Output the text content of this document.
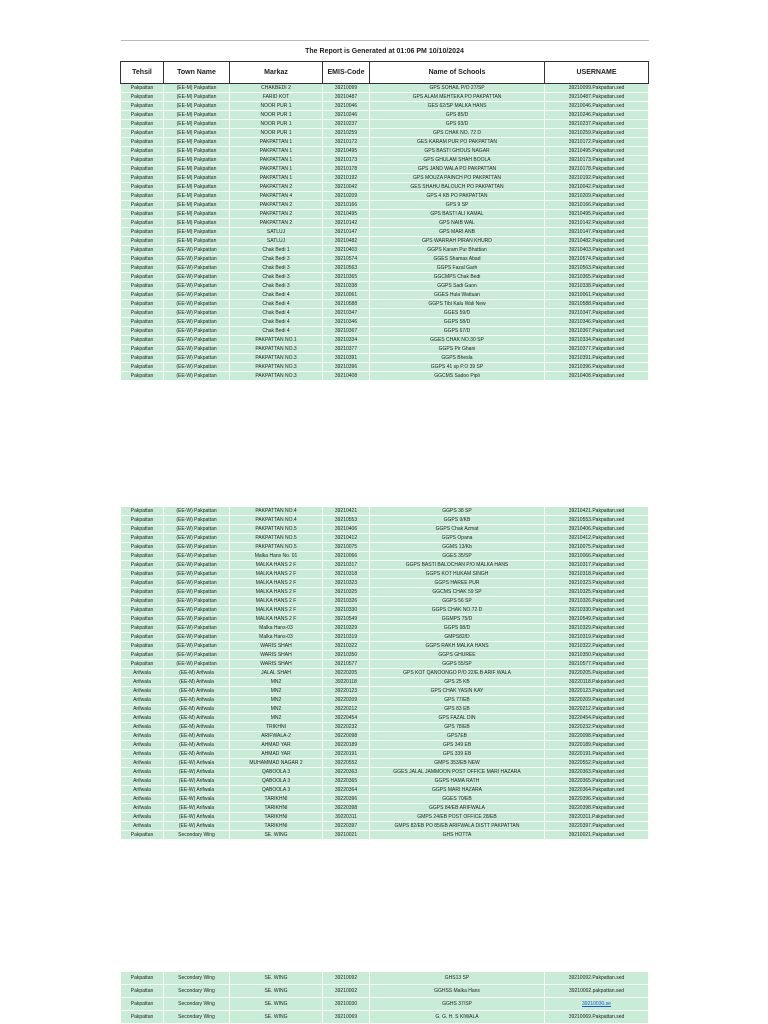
The Report is Generated at 01:06 PM 10/10/2024					
Tehsil	Town Name	Markaz	EMIS-Code	Name of Schools	USERNAME
Pakpattan	(EE-M) Pakpattan	CHAKBEDI 2	39210099	GPS SOHAIL P/O 27/SP	39210099.Pakpattan.sed
Pakpattan	(EE-M) Pakpattan	FARID KOT	39210487	GPS ALAM MEHTEKA PO PAKPATTAN	39210487.Pakpattan.sed
Pakpattan	(EE-M) Pakpattan	NOOR PUR 1	39210046	GES 62/SP MALKA HANS	39210046.Pakpattan.sed
Pakpattan	(EE-M) Pakpattan	NOOR PUR 1	39210246	GPS 85/D	39210246.Pakpattan.sed
Pakpattan	(EE-M) Pakpattan	NOOR PUR 1	39210237	GPS 93/D	39210237.Pakpattan.sed
Pakpattan	(EE-M) Pakpattan	NOOR PUR 1	39210259	GPS CHAK NO. 72 D	39210259.Pakpattan.sed
Pakpattan	(EE-M) Pakpattan	PAKPATTAN 1	39210172	GES KARAM PUR PO PAKPATTAN	39210172.Pakpattan.sed
Pakpattan	(EE-M) Pakpattan	PAKPATTAN 1	39210495	GPS BASTI GHOUS NAGAR	39210495.Pakpattan.sed
Pakpattan	(EE-M) Pakpattan	PAKPATTAN 1	39210173	GPS GHULAM SHAH BOOLA	39210173.Pakpattan.sed
Pakpattan	(EE-M) Pakpattan	PAKPATTAN 1	39210178	GPS JAND WALA PO PAKPATTAN	39210178.Pakpattan.sed
Pakpattan	(EE-M) Pakpattan	PAKPATTAN 1	39210192	GPS MOUZA PAINCH PO PAKPATTAN	39210192.Pakpattan.sed
Pakpattan	(EE-M) Pakpattan	PAKPATTAN 2	39210042	GES SHAHU BALOUCH PO PAKPATTAN	39210042.Pakpattan.sed
Pakpattan	(EE-M) Pakpattan	PAKPATTAN 4	39210209	GPS 4 KB PO PAKPATTAN	39210209.Pakpattan.sed
Pakpattan	(EE-M) Pakpattan	PAKPATTAN 2	39210166	GPS 9 SP	39210166.Pakpattan.sed
Pakpattan	(EE-M) Pakpattan	PAKPATTAN 2	39210495	GPS BASTI ALI KAMAL	39210495.Pakpattan.sed
Pakpattan	(EE-M) Pakpattan	PAKPATTAN 2	39210142	GPS NAIB WAL	39210142.Pakpattan.sed
Pakpattan	(EE-M) Pakpattan	SATLUJ	39210147	GPS MARI ANB	39210147.Pakpattan.sed
Pakpattan	(EE-M) Pakpattan	SATLUJ	39210482	GPS WARRAH PIRAN KHURD	39210482.Pakpattan.sed
Pakpattan	(EE-W) Pakpattan	Chak Bedi 1	39210403	GGPS Karam Pur Bhattian	39210403.Pakpattan.sed
Pakpattan	(EE-W) Pakpattan	Chak Bedi 3	39210574	GGES Shamas Abad	39210574.Pakpattan.sed
Pakpattan	(EE-W) Pakpattan	Chak Bedi 3	39210563	GGPS Fazal Garh	39210563.Pakpattan.sed
Pakpattan	(EE-W) Pakpattan	Chak Bedi 3	39210365	GGCMPS Chak Bedi	39210365.Pakpattan.sed
Pakpattan	(EE-W) Pakpattan	Chak Bedi 3	39210338	GGPS Sadi Gaon	39210338.Pakpattan.sed
Pakpattan	(EE-W) Pakpattan	Chak Bedi 4	39210061	GGES Hula Wattuan	39210061.Pakpattan.sed
Pakpattan	(EE-W) Pakpattan	Chak Bedi 4	39210588	GGPS Tibi Kalu Wali New	39210588.Pakpattan.sed
Pakpattan	(EE-W) Pakpattan	Chak Bedi 4	39210347	GGES 59/D	39210347.Pakpattan.sed
Pakpattan	(EE-W) Pakpattan	Chak Bedi 4	39210346	GGPS 58/D	39210346.Pakpattan.sed
Pakpattan	(EE-W) Pakpattan	Chak Bedi 4	39210367	GGPS 67/D	39210367.Pakpattan.sed
Pakpattan	(EE-W) Pakpattan	PAKPATTAN NO.1	39210334	GGES CHAK NO.30 SP	39210334.Pakpattan.sed
Pakpattan	(EE-W) Pakpattan	PAKPATTAN NO.3	39210377	GGPS Pir Ghani	39210377.Pakpattan.sed
Pakpattan	(EE-W) Pakpattan	PAKPATTAN NO.3	39210391	GGPS Bhesla	39210391.Pakpattan.sed
Pakpattan	(EE-W) Pakpattan	PAKPATTAN NO.3	39210396	GGPS 41 sp P.O 39 SP	39210396.Pakpattan.sed
Pakpattan	(EE-W) Pakpattan	PAKPATTAN NO.3	39210408	GGCMS Sadoo Pipli	39210408.Pakpattan.sed
Pakpattan	(EE-W) Pakpattan	PAKPATTAN NO.4	39210421	GGPS 38 SP	39210421.Pakpattan.sed
Pakpattan	(EE-W) Pakpattan	PAKPATTAN NO.4	39210553	GGPS 9/KB	39210553.Pakpattan.sed
Pakpattan	(EE-W) Pakpattan	PAKPATTAN NO.5	39210406	GGPS Chak Azmat	39210406.Pakpattan.sed
Pakpattan	(EE-W) Pakpattan	PAKPATTAN NO.5	39210412	GGPS Opana	39210412.Pakpattan.sed
Pakpattan	(EE-W) Pakpattan	PAKPATTAN NO.5	39210075	GGMS 13/Kb	39210075.Pakpattan.sed
Pakpattan	(EE-W) Pakpattan	Malka Hans No. 01	39210066	GGES 35/SP	39210066.Pakpattan.sed
Pakpattan	(EE-W) Pakpattan	MALKA HANS 2 F	39210317	GGPS BASTI BALOCHAN P/O MALKA HANS	39210317.Pakpattan.sed
Pakpattan	(EE-W) Pakpattan	MALKA HANS 2 F	39210318	GGPS KOT HUKAM SINGH	39210318.Pakpattan.sed
Pakpattan	(EE-W) Pakpattan	MALKA HANS 2 F	39210323	GGPS HAREE PUR	39210323.Pakpattan.sed
Pakpattan	(EE-W) Pakpattan	MALKA HANS 2 F	39210325	GGCMS CHAK 59 SP	39210325.Pakpattan.sed
Pakpattan	(EE-W) Pakpattan	MALKA HANS 2 F	39210326	GGPS 56 SP	39210326.Pakpattan.sed
Pakpattan	(EE-W) Pakpattan	MALKA HANS 2 F	39210330	GGPS CHAK NO.72 D	39210330.Pakpattan.sed
Pakpattan	(EE-W) Pakpattan	MALKA HANS 2 F	39210549	GGMPS 75/D	39210549.Pakpattan.sed
Pakpattan	(EE-W) Pakpattan	Malka Hans-03	39210329	GGPS 98/D	39210329.Pakpattan.sed
Pakpattan	(EE-W) Pakpattan	Malka Hans-03	39210319	GMPS82/D	39210319.Pakpattan.sed
Pakpattan	(EE-W) Pakpattan	WARIS SHAH	39210322	GGPS RAKH MALKA HANS	39210322.Pakpattan.sed
Pakpattan	(EE-W) Pakpattan	WARIS SHAH	39210350	GGPS GHUREE	39210350.Pakpattan.sed
Pakpattan	(EE-W) Pakpattan	WARIS SHAH	39210577	GGPS 55/SP	39210577.Pakpattan.sed
Arifwala	(EE-M) Arifwala	JALAL SHAH	39220205	GPS KOT QANOONGO P/O 22/E.B ARIF WALA	39220205.Pakpattan.sed
Arifwala	(EE-M) Arifwala	MN2	39220118	GPS 25 KB	39220118.Pakpattan.sed
Arifwala	(EE-M) Arifwala	MN2	39220123	GPS CHAK YASIN KAY	39220123.Pakpattan.sed
Arifwala	(EE-M) Arifwala	MN2	39220209	GPS 77/EB	39220209.Pakpattan.sed
Arifwala	(EE-M) Arifwala	MN2	39220212	GPS 83 EB	39220212.Pakpattan.sed
Arifwala	(EE-M) Arifwala	MN2	39220454	GPS FAZAL DIN	39220454.Pakpattan.sed
Arifwala	(EE-M) Arifwala	TRIKHNI	39220232	GPS 78/EB	39220232.Pakpattan.sed
Arifwala	(EE-M) Arifwala	ARIFWALA-2	39220098	GPS7EB	39220098.Pakpattan.sed
Arifwala	(EE-M) Arifwala	AHMAD YAR	39220189	GPS 349 EB	39220189.Pakpattan.sed
Arifwala	(EE-M) Arifwala	AHMAD YAR	39220191	GPS 339 EB	39220191.Pakpattan.sed
Arifwala	(EE-W) Arifwala	MUHAMMAD NAGAR 2	39220552	GMPS 353/EB NEW	39220552.Pakpattan.sed
Arifwala	(EE-W) Arifwala	QABOOLA 3	39220363	GGES JALAL JAMMOON POST OFFICE MARI HAZARA	39220363.Pakpattan.sed
Arifwala	(EE-W) Arifwala	QABOOLA 3	39220365	GGPS HAMA RATH	39220365.Pakpattan.sed
Arifwala	(EE-W) Arifwala	QABOOLA 3	39220364	GGPS MARI HAZARA	39220364.Pakpattan.sed
Arifwala	(EE-W) Arifwala	TARIKHNI	39220396	GGES 70/EB	39220396.Pakpattan.sed
Arifwala	(EE-W) Arifwala	TARIKHNI	39220398	GGPS 84/EB ARIFWALA	39220398.Pakpattan.sed
Arifwala	(EE-W) Arifwala	TARIKHNI	39220311	GMPS 24/EB POST OFFICE 28/EB	39220311.Pakpattan.sed
Arifwala	(EE-W) Arifwala	TARIKHNI	39220397	GMPS 82/EB PO 85/EB ARIFWALA DISTT PAKPATTAN	39220397.Pakpattan.sed
Pakpattan	Secondary Wing	SE. WING	39210021	GHS HOTTA	39210021.Pakpattan.sed
Pakpattan	Secondary Wing	SE. WING	39210092	GHS13 SP	39210092.Pakpattan.sed
Pakpattan	Secondary Wing	SE. WING	39210002	GGHSS Malka Hans	39210002.pakpattan.sed
Pakpattan	Secondary Wing	SE. WING	39210030	GGHS 37/SP	39210030.se
Pakpattan	Secondary Wing	SE. WING	39210069	G. G. H. S KIWALA	39210069.Pakpattan.sed
